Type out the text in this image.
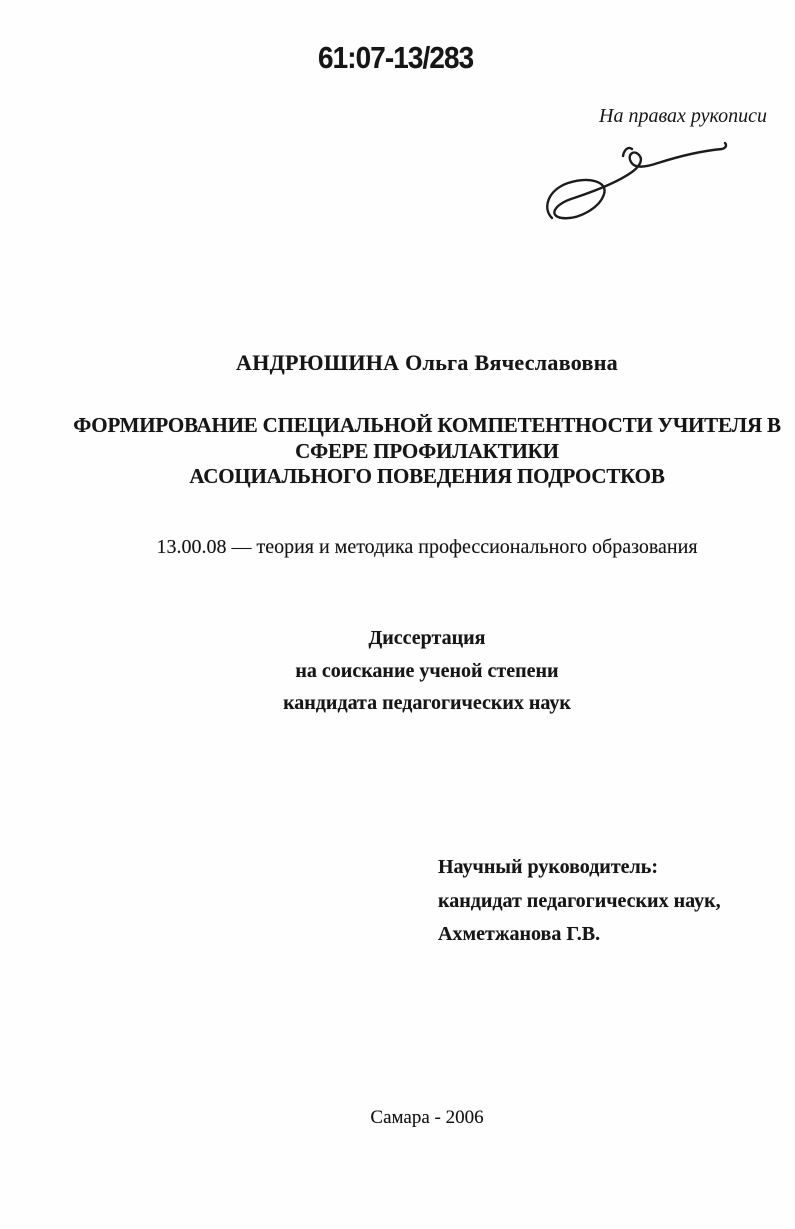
61:07-13/283
На правах рукописи
АНДРЮШИНА Ольга Вячеславовна
ФОРМИРОВАНИЕ СПЕЦИАЛЬНОЙ КОМПЕТЕНТНОСТИ УЧИТЕЛЯ В
СФЕРЕ ПРОФИЛАКТИКИ
АСОЦИАЛЬНОГО ПОВЕДЕНИЯ ПОДРОСТКОВ
13.00.08 — теория и методика профессионального образования
Диссертация
на соискание ученой степени
кандидата педагогических наук
Научный руководитель:
кандидат педагогических наук,
Ахметжанова Г.В.
Самара - 2006
